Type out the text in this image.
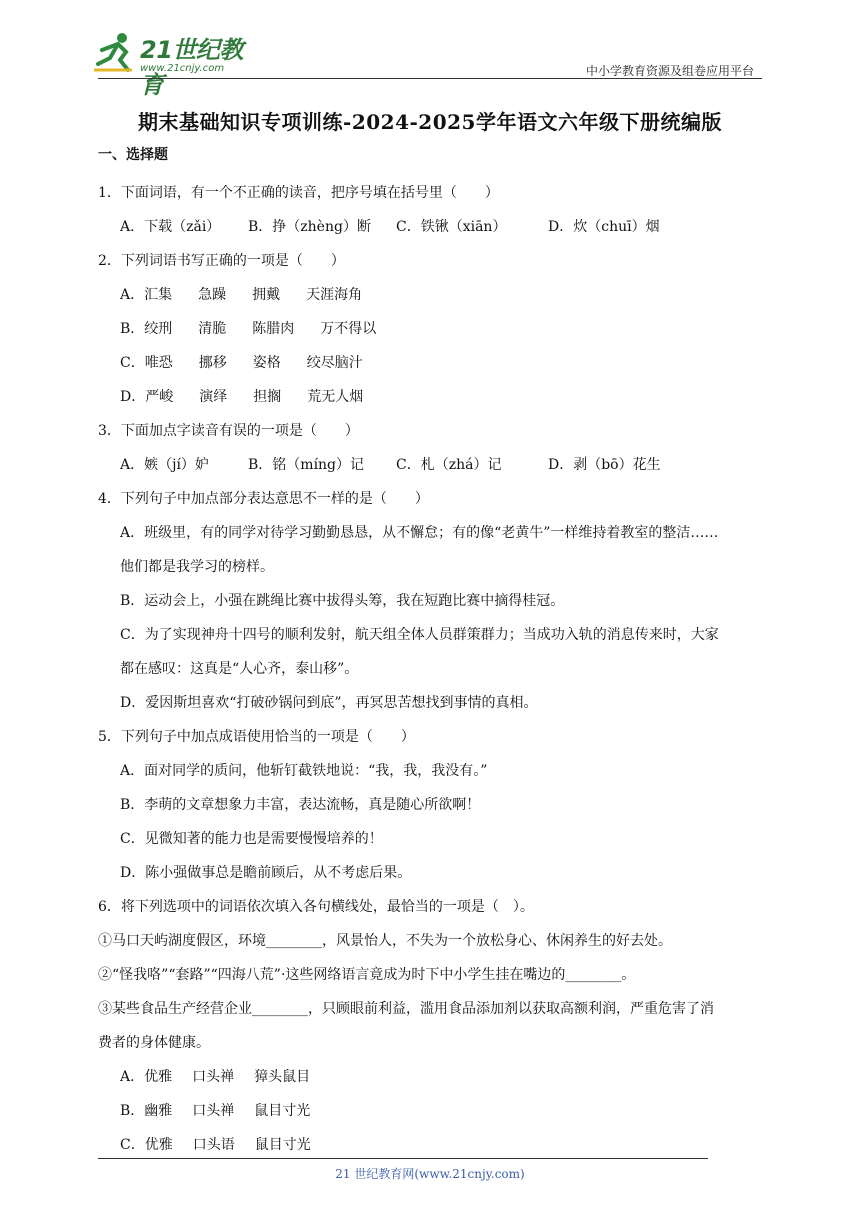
21世纪教育
www.21cnjy.com	中小学教育资源及组卷应用平台
期末基础知识专项训练-2024-2025学年语文六年级下册统编版
一、选择题
1．下面词语，有一个不正确的读音，把序号填在括号里（　　）
A．下载（zǎi） B．挣（zhèng）断 C．铁锹（xiān）	D．炊（chuī）烟
2．下列词语书写正确的一项是（　　）
A．汇集 急躁 拥戴 天涯海角
B．绞刑 清脆 陈腊肉 万不得以
C．唯恐 挪移 姿格 绞尽脑汁
D．严峻 演绎 担搁 荒无人烟
3．下面加点字读音有误的一项是（　　）
A．嫉（jí）妒	B．铭（míng）记 C．札（zhá）记	D．剥（bō）花生
4．下列句子中加点部分表达意思不一样的是（　　）
A．班级里，有的同学对待学习勤勤恳恳，从不懈怠；有的像“老黄牛”一样维持着教室的整洁……
他们都是我学习的榜样。
B．运动会上，小强在跳绳比赛中拔得头筹，我在短跑比赛中摘得桂冠。
C．为了实现神舟十四号的顺利发射，航天组全体人员群策群力；当成功入轨的消息传来时，大家
都在感叹：这真是“人心齐，泰山移”。
D．爱因斯坦喜欢“打破砂锅问到底”，再冥思苦想找到事情的真相。
5．下列句子中加点成语使用恰当的一项是（　　）
A．面对同学的质问，他斩钉截铁地说：“我，我，我没有。”
B．李萌的文章想象力丰富，表达流畅，真是随心所欲啊！
C．见微知著的能力也是需要慢慢培养的！
D．陈小强做事总是瞻前顾后，从不考虑后果。
6．将下列选项中的词语依次填入各句横线处，最恰当的一项是（　）。
①马口天屿湖度假区，环境________，风景怡人，不失为一个放松身心、休闲养生的好去处。
②“怪我咯”“套路”“四海八荒”·这些网络语言竟成为时下中小学生挂在嘴边的________。
③某些食品生产经营企业________，只顾眼前利益，滥用食品添加剂以获取高额利润，严重危害了消
费者的身体健康。
A．优雅 口头禅 獐头鼠目
B．幽雅 口头禅 鼠目寸光
C．优雅 口头语 鼠目寸光
21 世纪教育网(www.21cnjy.com)
